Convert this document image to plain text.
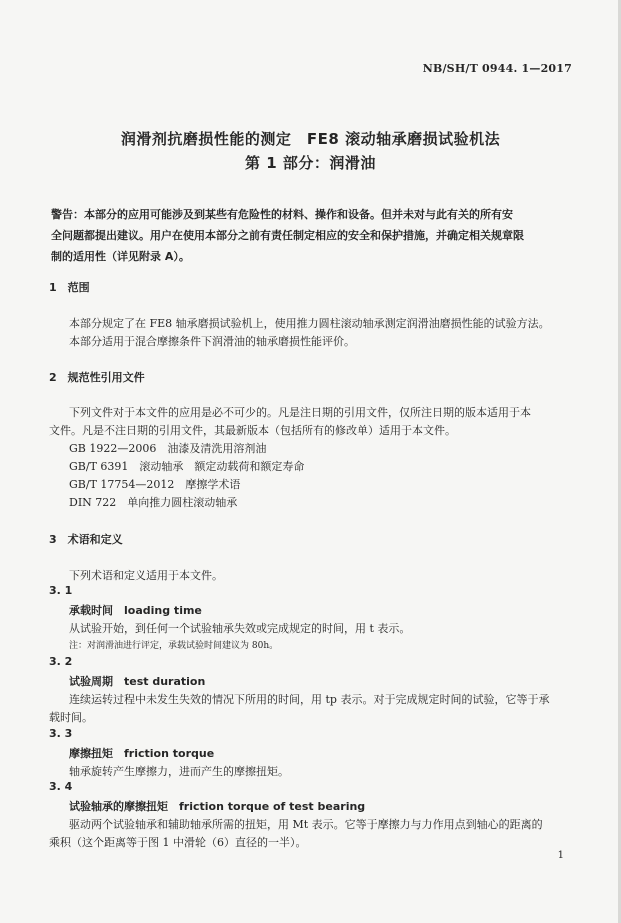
NB/SH/T 0944. 1—2017
润滑剂抗磨损性能的测定　FE8 滚动轴承磨损试验机法
第 1 部分：润滑油
警告：本部分的应用可能涉及到某些有危险性的材料、操作和设备。但并未对与此有关的所有安
全问题都提出建议。用户在使用本部分之前有责任制定相应的安全和保护措施，并确定相关规章限
制的适用性（详见附录 A）。
1　范围
本部分规定了在 FE8 轴承磨损试验机上，使用推力圆柱滚动轴承测定润滑油磨损性能的试验方法。
本部分适用于混合摩擦条件下润滑油的轴承磨损性能评价。
2　规范性引用文件
下列文件对于本文件的应用是必不可少的。凡是注日期的引用文件，仅所注日期的版本适用于本
文件。凡是不注日期的引用文件，其最新版本（包括所有的修改单）适用于本文件。
GB 1922—2006　油漆及清洗用溶剂油
GB/T 6391　滚动轴承　额定动载荷和额定寿命
GB/T 17754—2012　摩擦学术语
DIN 722　单向推力圆柱滚动轴承
3　术语和定义
下列术语和定义适用于本文件。
3. 1
承载时间　loading time
从试验开始，到任何一个试验轴承失效或完成规定的时间，用 t 表示。
注：对润滑油进行评定，承载试验时间建议为 80h。
3. 2
试验周期　test duration
连续运转过程中未发生失效的情况下所用的时间，用 tp 表示。对于完成规定时间的试验，它等于承
载时间。
3. 3
摩擦扭矩　friction torque
轴承旋转产生摩擦力，进而产生的摩擦扭矩。
3. 4
试验轴承的摩擦扭矩　friction torque of test bearing
驱动两个试验轴承和辅助轴承所需的扭矩，用 Mt 表示。它等于摩擦力与力作用点到轴心的距离的
乘积（这个距离等于图 1 中滑轮（6）直径的一半）。
1
